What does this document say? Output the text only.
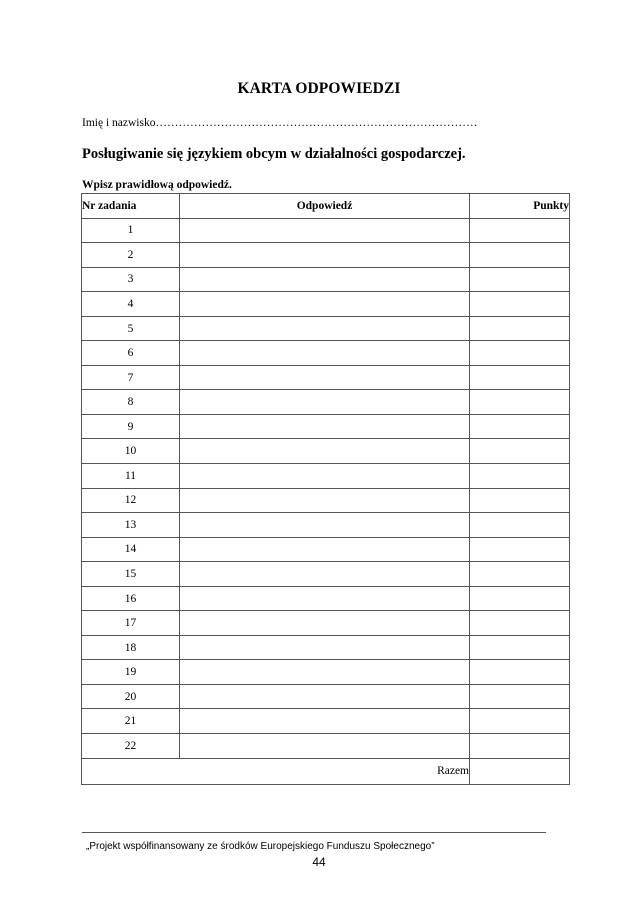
KARTA ODPOWIEDZI
Imię i nazwisko…………………………………………………………………………
Posługiwanie się językiem obcym w działalności gospodarczej.
Wpisz prawidłową odpowiedź.
Nr zadania	Odpowiedź	Punkty
1		
2		
3		
4		
5		
6		
7		
8		
9		
10		
11		
12		
13		
14		
15		
16		
17		
18		
19		
20		
21		
22		
Razem		
„Projekt współfinansowany ze środków Europejskiego Funduszu Społecznego”
44
